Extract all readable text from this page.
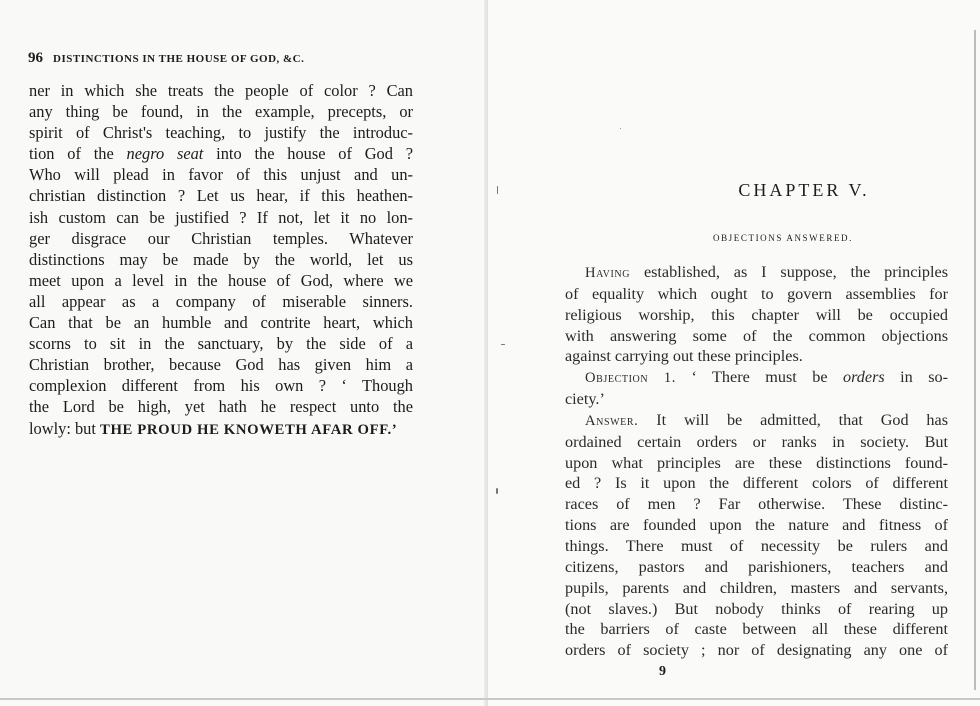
96 DISTINCTIONS IN THE HOUSE OF GOD, &C.
ner in which she treats the people of color ? Can
any thing be found, in the example, precepts, or
spirit of Christ's teaching, to justify the introduc-
tion of the negro seat into the house of God ?
Who will plead in favor of this unjust and un-
christian distinction ? Let us hear, if this heathen-
ish custom can be justified ? If not, let it no lon-
ger disgrace our Christian temples. Whatever
distinctions may be made by the world, let us
meet upon a level in the house of God, where we
all appear as a company of miserable sinners.
Can that be an humble and contrite heart, which
scorns to sit in the sanctuary, by the side of a
Christian brother, because God has given him a
complexion different from his own ? ‘ Though
the Lord be high, yet hath he respect unto the
lowly: but THE PROUD HE KNOWETH AFAR OFF.’
CHAPTER V.
OBJECTIONS ANSWERED.
Having established, as I suppose, the principles
of equality which ought to govern assemblies for
religious worship, this chapter will be occupied
with answering some of the common objections
against carrying out these principles.
Objection 1. ‘ There must be orders in so-
ciety.’
Answer. It will be admitted, that God has
ordained certain orders or ranks in society. But
upon what principles are these distinctions found-
ed ? Is it upon the different colors of different
races of men ? Far otherwise. These distinc-
tions are founded upon the nature and fitness of
things. There must of necessity be rulers and
citizens, pastors and parishioners, teachers and
pupils, parents and children, masters and servants,
(not slaves.) But nobody thinks of rearing up
the barriers of caste between all these different
orders of society ; nor of designating any one of
9
